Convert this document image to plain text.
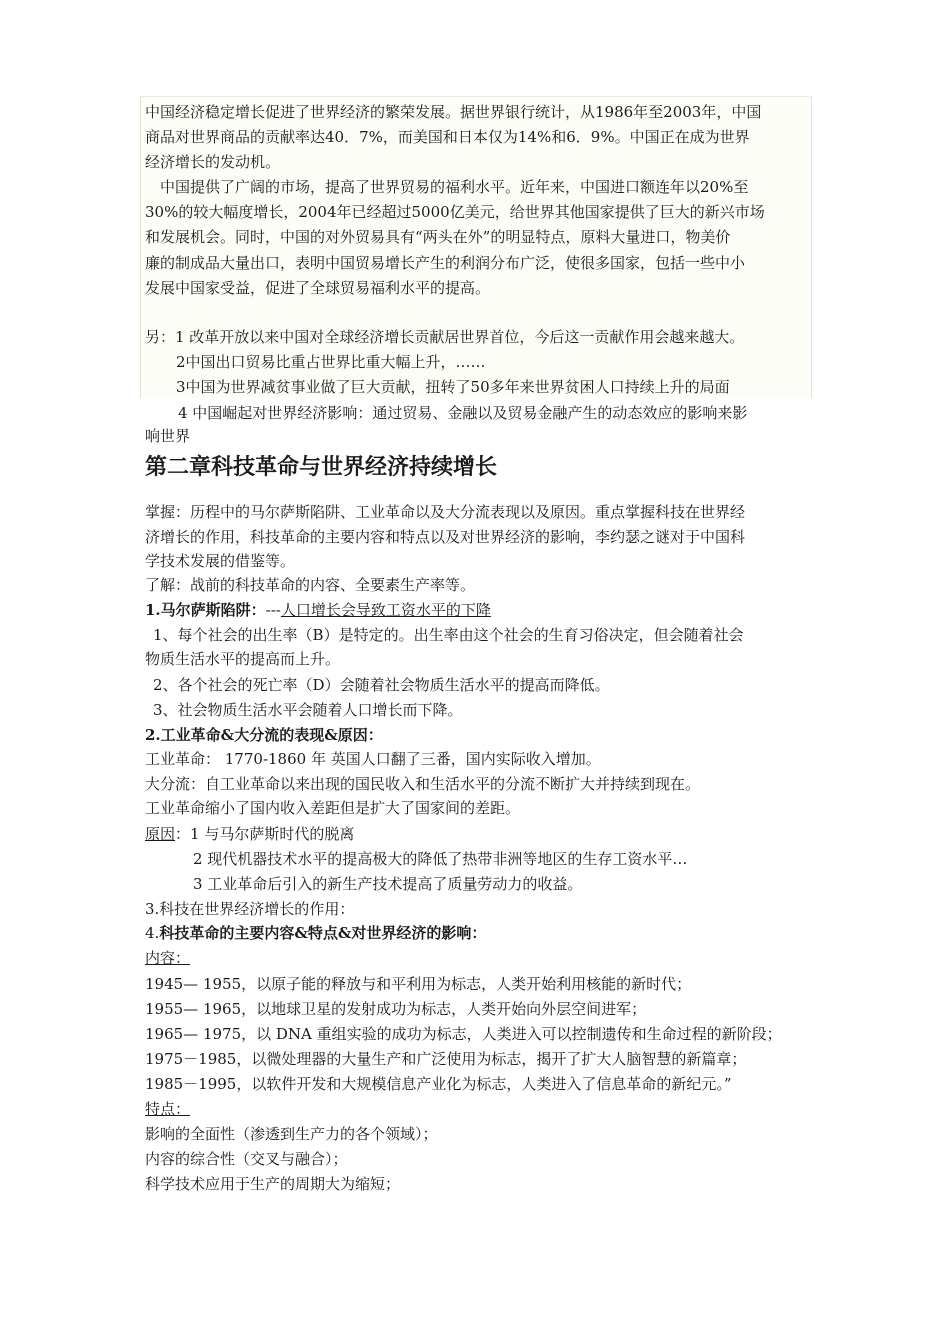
中国经济稳定增长促进了世界经济的繁荣发展。据世界银行统计，从1986年至2003年，中国
商品对世界商品的贡献率达40．7%，而美国和日本仅为14%和6．9%。中国正在成为世界
经济增长的发动机。
中国提供了广阔的市场，提高了世界贸易的福利水平。近年来，中国进口额连年以20%至
30%的较大幅度增长，2004年已经超过5000亿美元，给世界其他国家提供了巨大的新兴市场
和发展机会。同时，中国的对外贸易具有“两头在外”的明显特点，原料大量进口，物美价
廉的制成品大量出口，表明中国贸易增长产生的利润分布广泛，使很多国家，包括一些中小
发展中国家受益，促进了全球贸易福利水平的提高。
另：1 改革开放以来中国对全球经济增长贡献居世界首位，今后这一贡献作用会越来越大。
2中国出口贸易比重占世界比重大幅上升，……
3中国为世界减贫事业做了巨大贡献，扭转了50多年来世界贫困人口持续上升的局面
4 中国崛起对世界经济影响：通过贸易、金融以及贸易金融产生的动态效应的影响来影
响世界
第二章科技革命与世界经济持续增长
掌握：历程中的马尔萨斯陷阱、工业革命以及大分流表现以及原因。重点掌握科技在世界经
济增长的作用，科技革命的主要内容和特点以及对世界经济的影响，李约瑟之谜对于中国科
学技术发展的借鉴等。
了解：战前的科技革命的内容、全要素生产率等。
1.马尔萨斯陷阱：---人口增长会导致工资水平的下降
1、每个社会的出生率（B）是特定的。出生率由这个社会的生育习俗决定，但会随着社会
物质生活水平的提高而上升。
2、各个社会的死亡率（D）会随着社会物质生活水平的提高而降低。
3、社会物质生活水平会随着人口增长而下降。
2.工业革命&大分流的表现&原因：
工业革命： 1770-1860 年 英国人口翻了三番，国内实际收入增加。
大分流：自工业革命以来出现的国民收入和生活水平的分流不断扩大并持续到现在。
工业革命缩小了国内收入差距但是扩大了国家间的差距。
原因：1 与马尔萨斯时代的脱离
2 现代机器技术水平的提高极大的降低了热带非洲等地区的生存工资水平…
3 工业革命后引入的新生产技术提高了质量劳动力的收益。
3.科技在世界经济增长的作用：
4.科技革命的主要内容&特点&对世界经济的影响：
内容：
1945— 1955，以原子能的释放与和平利用为标志，人类开始利用核能的新时代；
1955— 1965，以地球卫星的发射成功为标志，人类开始向外层空间进军；
1965— 1975，以 DNA 重组实验的成功为标志，人类进入可以控制遗传和生命过程的新阶段；
1975－1985，以微处理器的大量生产和广泛使用为标志，揭开了扩大人脑智慧的新篇章；
1985－1995，以软件开发和大规模信息产业化为标志，人类进入了信息革命的新纪元。”
特点：
影响的全面性（渗透到生产力的各个领域）；
内容的综合性（交叉与融合）；
科学技术应用于生产的周期大为缩短；
